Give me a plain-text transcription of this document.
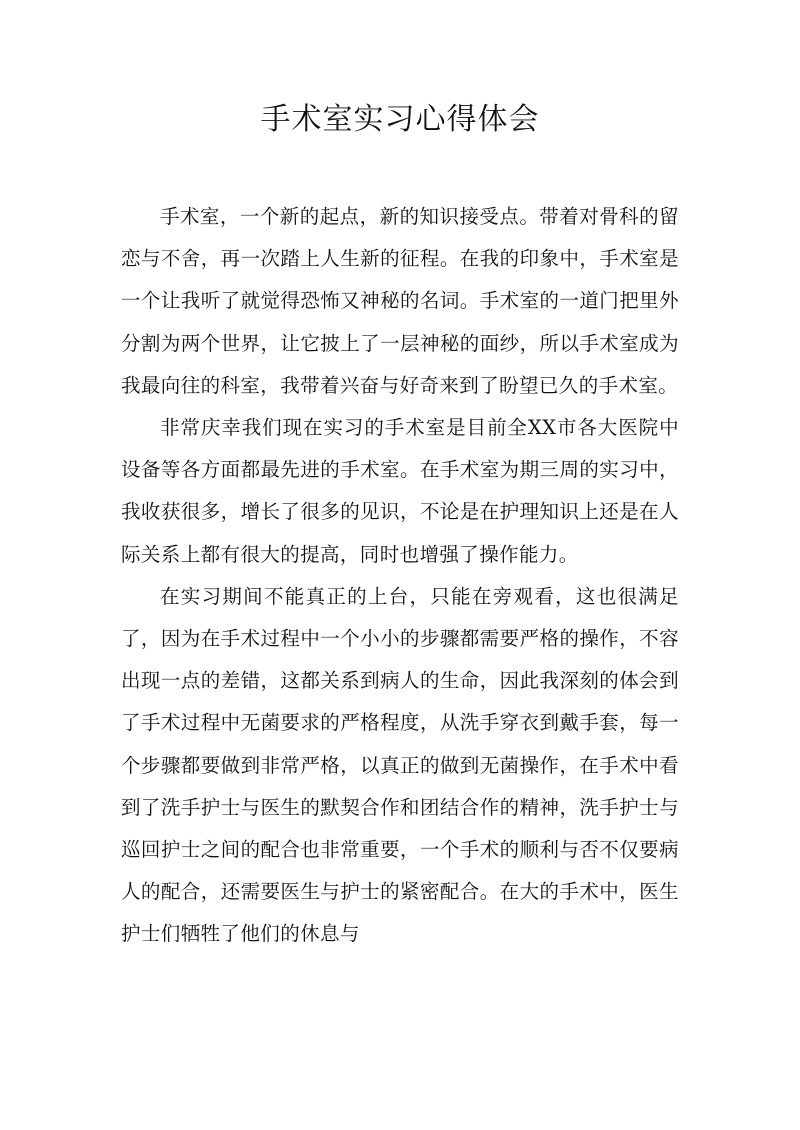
手术室实习心得体会

手术室，一个新的起点，新的知识接受点。带着对骨科的留恋与不舍，再一次踏上人生新的征程。在我的印象中，手术室是一个让我听了就觉得恐怖又神秘的名词。手术室的一道门把里外分割为两个世界，让它披上了一层神秘的面纱，所以手术室成为我最向往的科室，我带着兴奋与好奇来到了盼望已久的手术室。

非常庆幸我们现在实习的手术室是目前全XX市各大医院中设备等各方面都最先进的手术室。在手术室为期三周的实习中，我收获很多，增长了很多的见识，不论是在护理知识上还是在人际关系上都有很大的提高，同时也增强了操作能力。

在实习期间不能真正的上台，只能在旁观看，这也很满足了，因为在手术过程中一个小小的步骤都需要严格的操作，不容出现一点的差错，这都关系到病人的生命，因此我深刻的体会到了手术过程中无菌要求的严格程度，从洗手穿衣到戴手套，每一个步骤都要做到非常严格，以真正的做到无菌操作，在手术中看到了洗手护士与医生的默契合作和团结合作的精神，洗手护士与巡回护士之间的配合也非常重要，一个手术的顺利与否不仅要病人的配合，还需要医生与护士的紧密配合。在大的手术中，医生护士们牺牲了他们的休息与
